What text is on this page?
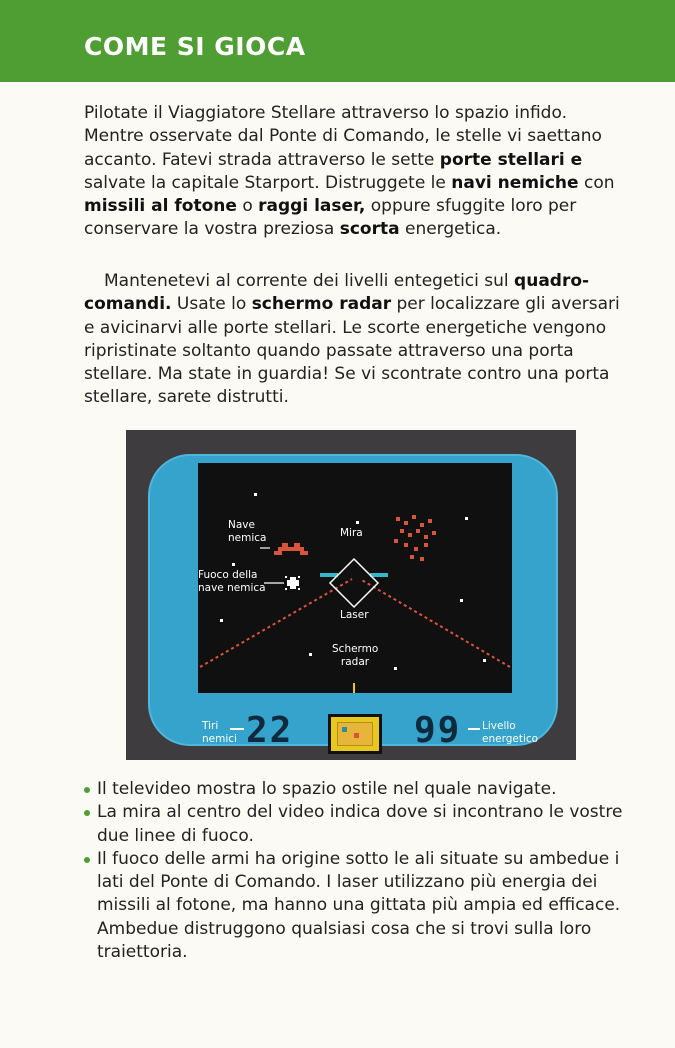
COME SI GIOCA

Pilotate il Viaggiatore Stellare attraverso lo spazio infido. Mentre osservate dal Ponte di Comando, le stelle vi saettano accanto. Fatevi strada attraverso le sette porte stellari e salvate la capitale Starport. Distruggete le navi nemiche con missili al fotone o raggi laser, oppure sfuggite loro per conservare la vostra preziosa scorta energetica.

Mantenetevi al corrente dei livelli entegetici sul quadro-comandi. Usate lo schermo radar per localizzare gli aversari e avicinarvi alle porte stellari. Le scorte energetiche vengono ripristinate soltanto quando passate attraverso una porta stellare. Ma state in guardia! Se vi scontrate contro una porta stellare, sarete distrutti.

Nave nemica	Mira
Fuoco della nave nemica
Laser
Schermo radar
Tiri nemici 22	99 Livello energetico
Il televideo mostra lo spazio ostile nel quale navigate.
La mira al centro del video indica dove si incontrano le vostre due linee di fuoco.
Il fuoco delle armi ha origine sotto le ali situate su ambedue i lati del Ponte di Comando. I laser utilizzano più energia dei missili al fotone, ma hanno una gittata più ampia ed efficace. Ambedue distruggono qualsiasi cosa che si trovi sulla loro traiettoria.
